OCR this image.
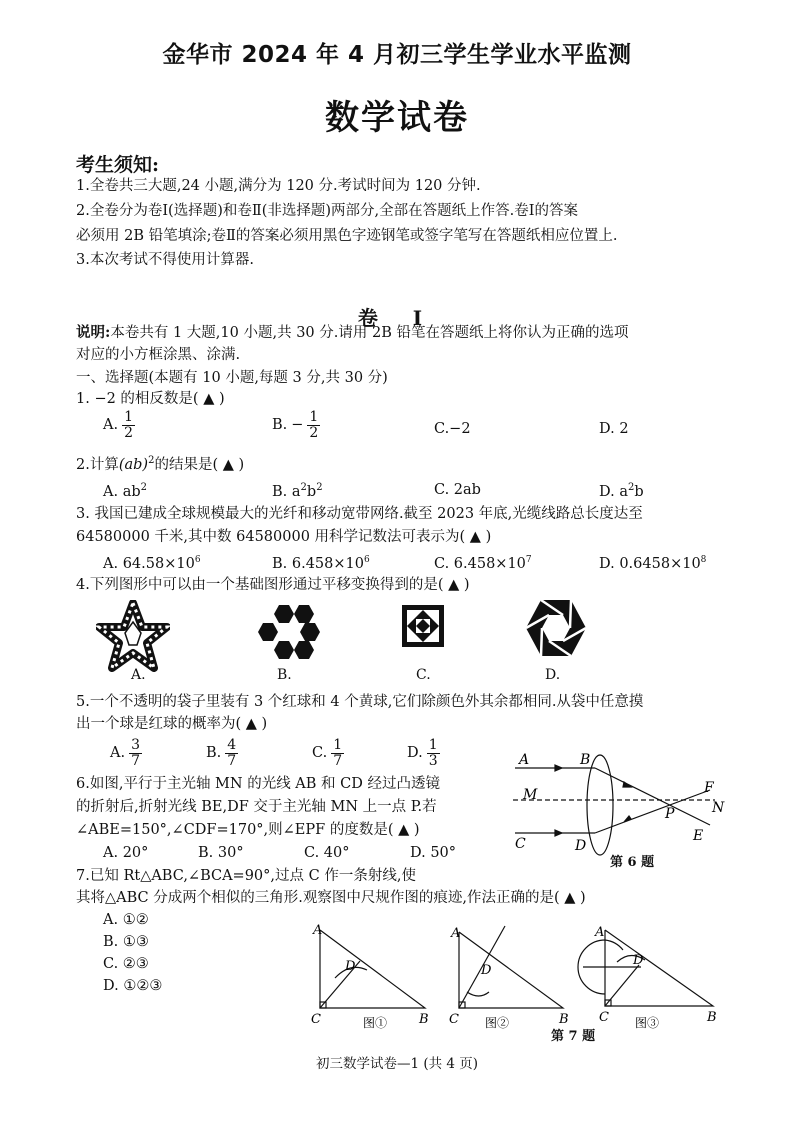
金华市 2024 年 4 月初三学生学业水平监测
数学试卷
考生须知:
1.全卷共三大题,24 小题,满分为 120 分.考试时间为 120 分钟.
2.全卷分为卷Ⅰ(选择题)和卷Ⅱ(非选择题)两部分,全部在答题纸上作答.卷Ⅰ的答案
必须用 2B 铅笔填涂;卷Ⅱ的答案必须用黑色字迹钢笔或签字笔写在答题纸相应位置上.
3.本次考试不得使用计算器.
卷 Ⅰ
说明:本卷共有 1 大题,10 小题,共 30 分.请用 2B 铅笔在答题纸上将你认为正确的选项
对应的小方框涂黑、涂满.
一、选择题(本题有 10 小题,每题 3 分,共 30 分)
1. −2 的相反数是( ▲ )
A. $\frac{1}{2}$	B. − $\frac{1}{2}$	C.−2	D. 2
2.计算(ab)$^2$的结果是( ▲ )
A. $ab^2$	B. $a^2b^2$	C. 2ab	D. $a^2b$
3. 我国已建成全球规模最大的光纤和移动宽带网络.截至 2023 年底,光缆线路总长度达至
64580000 千米,其中数 64580000 用科学记数法可表示为( ▲ )
A. $64.58\times 10^6$	B. $6.458\times 10^6$	C. $6.458\times 10^7$	D. $0.6458\times 10^8$
4.下列图形中可以由一个基础图形通过平移变换得到的是( ▲ )
A.	B.	C.	D.
5.一个不透明的袋子里装有 3 个红球和 4 个黄球,它们除颜色外其余都相同.从袋中任意摸
出一个球是红球的概率为( ▲ )
A. $\frac{3}{7}$	B. $\frac{4}{7}$	C. $\frac{1}{7}$	D. $\frac{1}{3}$
6.如图,平行于主光轴 MN 的光线 AB 和 CD 经过凸透镜
的折射后,折射光线 BE,DF 交于主光轴 MN 上一点 P.若
∠ABE=150°,∠CDF=170°,则∠EPF 的度数是( ▲ )
A. 20°	B. 30°	C. 40°	D. 50°
A	B
M
C	D
F
N
P
E
第 6 题
7.已知 Rt△ABC,∠BCA=90°,过点 C 作一条射线,使
其将△ABC 分成两个相似的三角形.观察图中尺规作图的痕迹,作法正确的是( ▲ )
A. ①②
B. ①③
C. ②③
D. ①②③
A
D
C	B
图①
A
D
C	B
图②
A
D
C	B
图③
第 7 题
初三数学试卷—1 (共 4 页)
